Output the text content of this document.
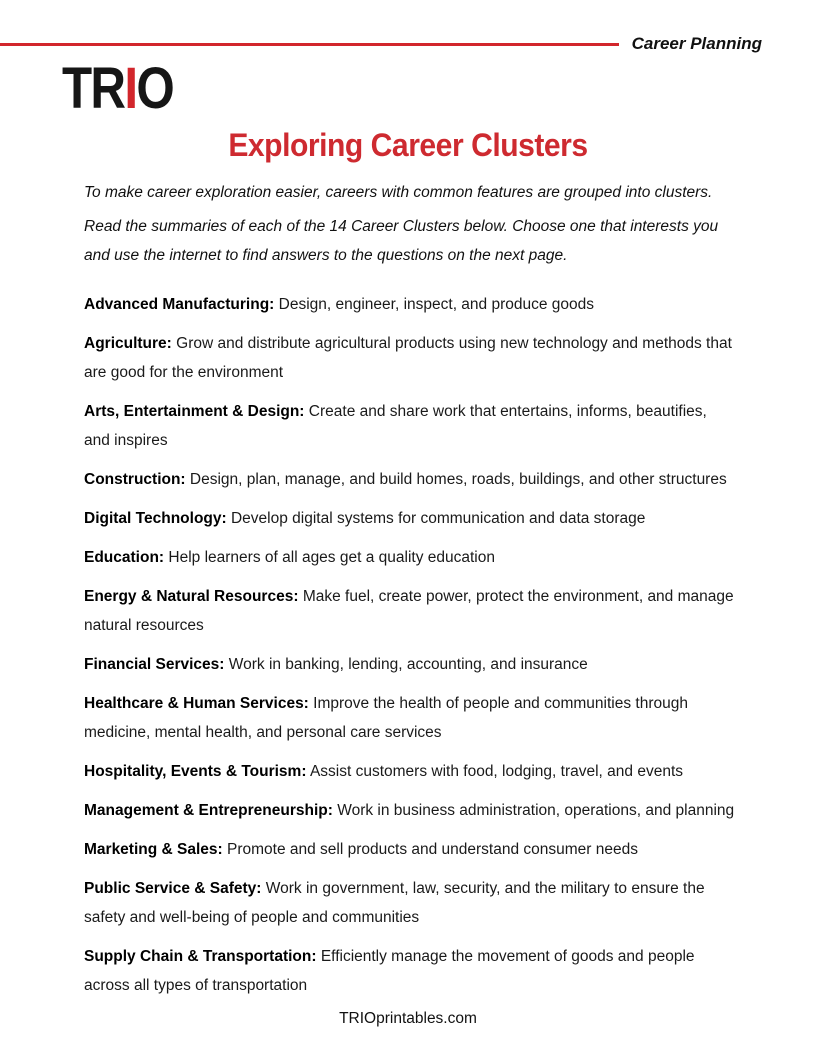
Career Planning
TRIO
Exploring Career Clusters

To make career exploration easier, careers with common features are grouped into clusters.

Read the summaries of each of the 14 Career Clusters below. Choose one that interests you and use the internet to find answers to the questions on the next page.

Advanced Manufacturing: Design, engineer, inspect, and produce goods

Agriculture: Grow and distribute agricultural products using new technology and methods that are good for the environment

Arts, Entertainment & Design: Create and share work that entertains, informs, beautifies, and inspires

Construction: Design, plan, manage, and build homes, roads, buildings, and other structures

Digital Technology: Develop digital systems for communication and data storage

Education: Help learners of all ages get a quality education

Energy & Natural Resources: Make fuel, create power, protect the environment, and manage natural resources

Financial Services: Work in banking, lending, accounting, and insurance

Healthcare & Human Services: Improve the health of people and communities through medicine, mental health, and personal care services

Hospitality, Events & Tourism: Assist customers with food, lodging, travel, and events

Management & Entrepreneurship: Work in business administration, operations, and planning

Marketing & Sales: Promote and sell products and understand consumer needs

Public Service & Safety: Work in government, law, security, and the military to ensure the safety and well-being of people and communities

Supply Chain & Transportation: Efficiently manage the movement of goods and people across all types of transportation

TRIOprintables.com
